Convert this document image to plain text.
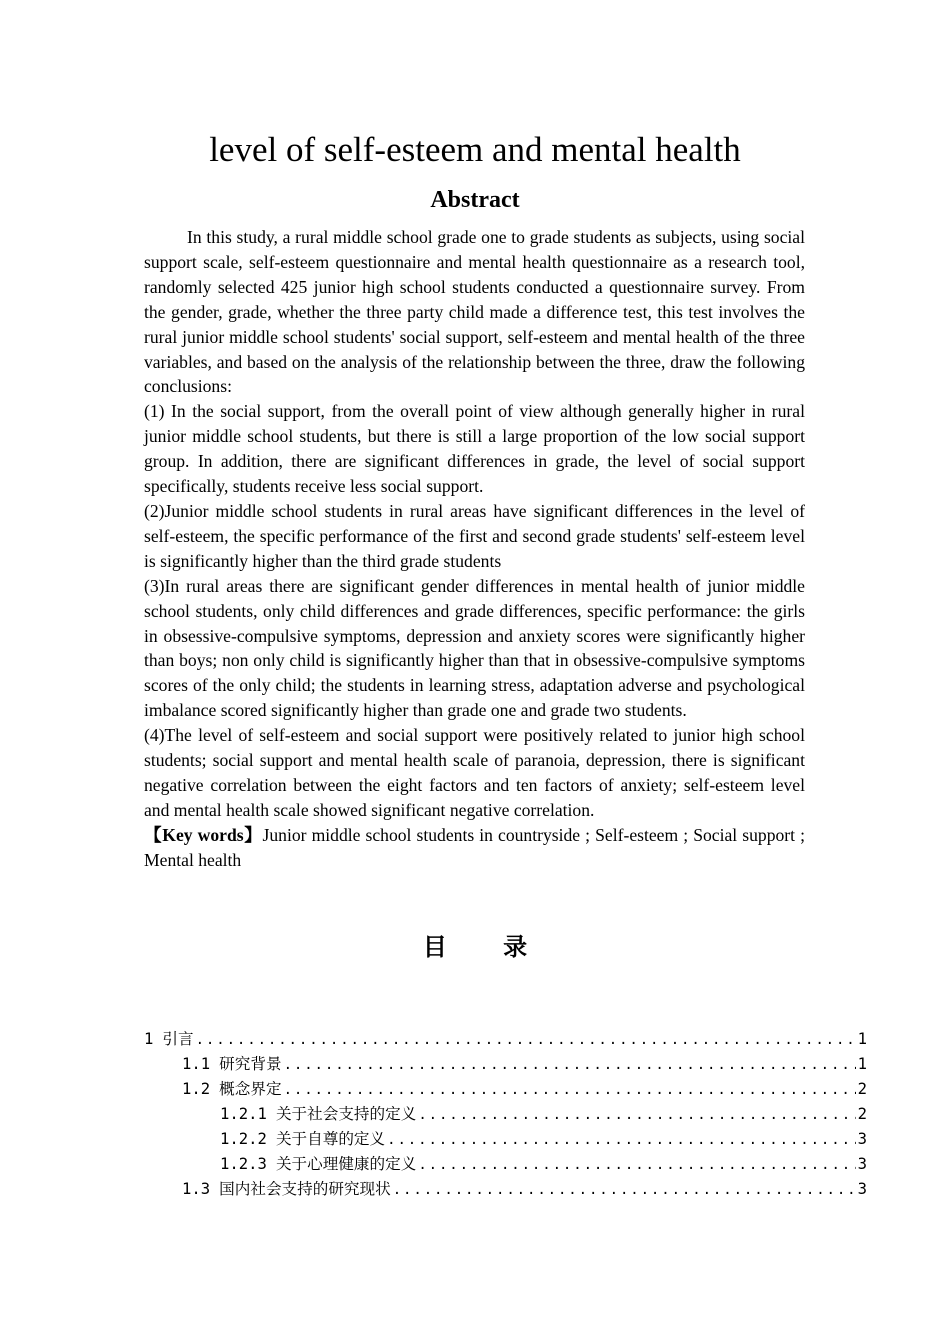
level of self-esteem and mental health
Abstract

In this study, a rural middle school grade one to grade students as subjects, using social support scale, self-esteem questionnaire and mental health questionnaire as a research tool, randomly selected 425 junior high school students conducted a questionnaire survey. From the gender, grade, whether the three party child made a difference test, this test involves the rural junior middle school students' social support, self-esteem and mental health of the three variables, and based on the analysis of the relationship between the three, draw the following conclusions:

(1) In the social support, from the overall point of view although generally higher in rural junior middle school students, but there is still a large proportion of the low social support group. In addition, there are significant differences in grade, the level of social support specifically, students receive less social support.

(2)Junior middle school students in rural areas have significant differences in the level of self-esteem, the specific performance of the first and second grade students' self-esteem level is significantly higher than the third grade students

(3)In rural areas there are significant gender differences in mental health of junior middle school students, only child differences and grade differences, specific performance: the girls in obsessive-compulsive symptoms, depression and anxiety scores were significantly higher than boys; non only child is significantly higher than that in obsessive-compulsive symptoms scores of the only child; the students in learning stress, adaptation adverse and psychological imbalance scored significantly higher than grade one and grade two students.

(4)The level of self-esteem and social support were positively related to junior high school students; social support and mental health scale of paranoia, depression, there is significant negative correlation between the eight factors and ten factors of anxiety; self-esteem level and mental health scale showed significant negative correlation.

【Key words】Junior middle school students in countryside ; Self-esteem ; Social support ; Mental health

目 录
1 引言 .....	1
1.1 研究背景 .....	1
1.2 概念界定 .....	2
1.2.1 关于社会支持的定义 .....	2
1.2.2 关于自尊的定义 .....	3
1.2.3 关于心理健康的定义 .....	3
1.3 国内社会支持的研究现状 .....	3
